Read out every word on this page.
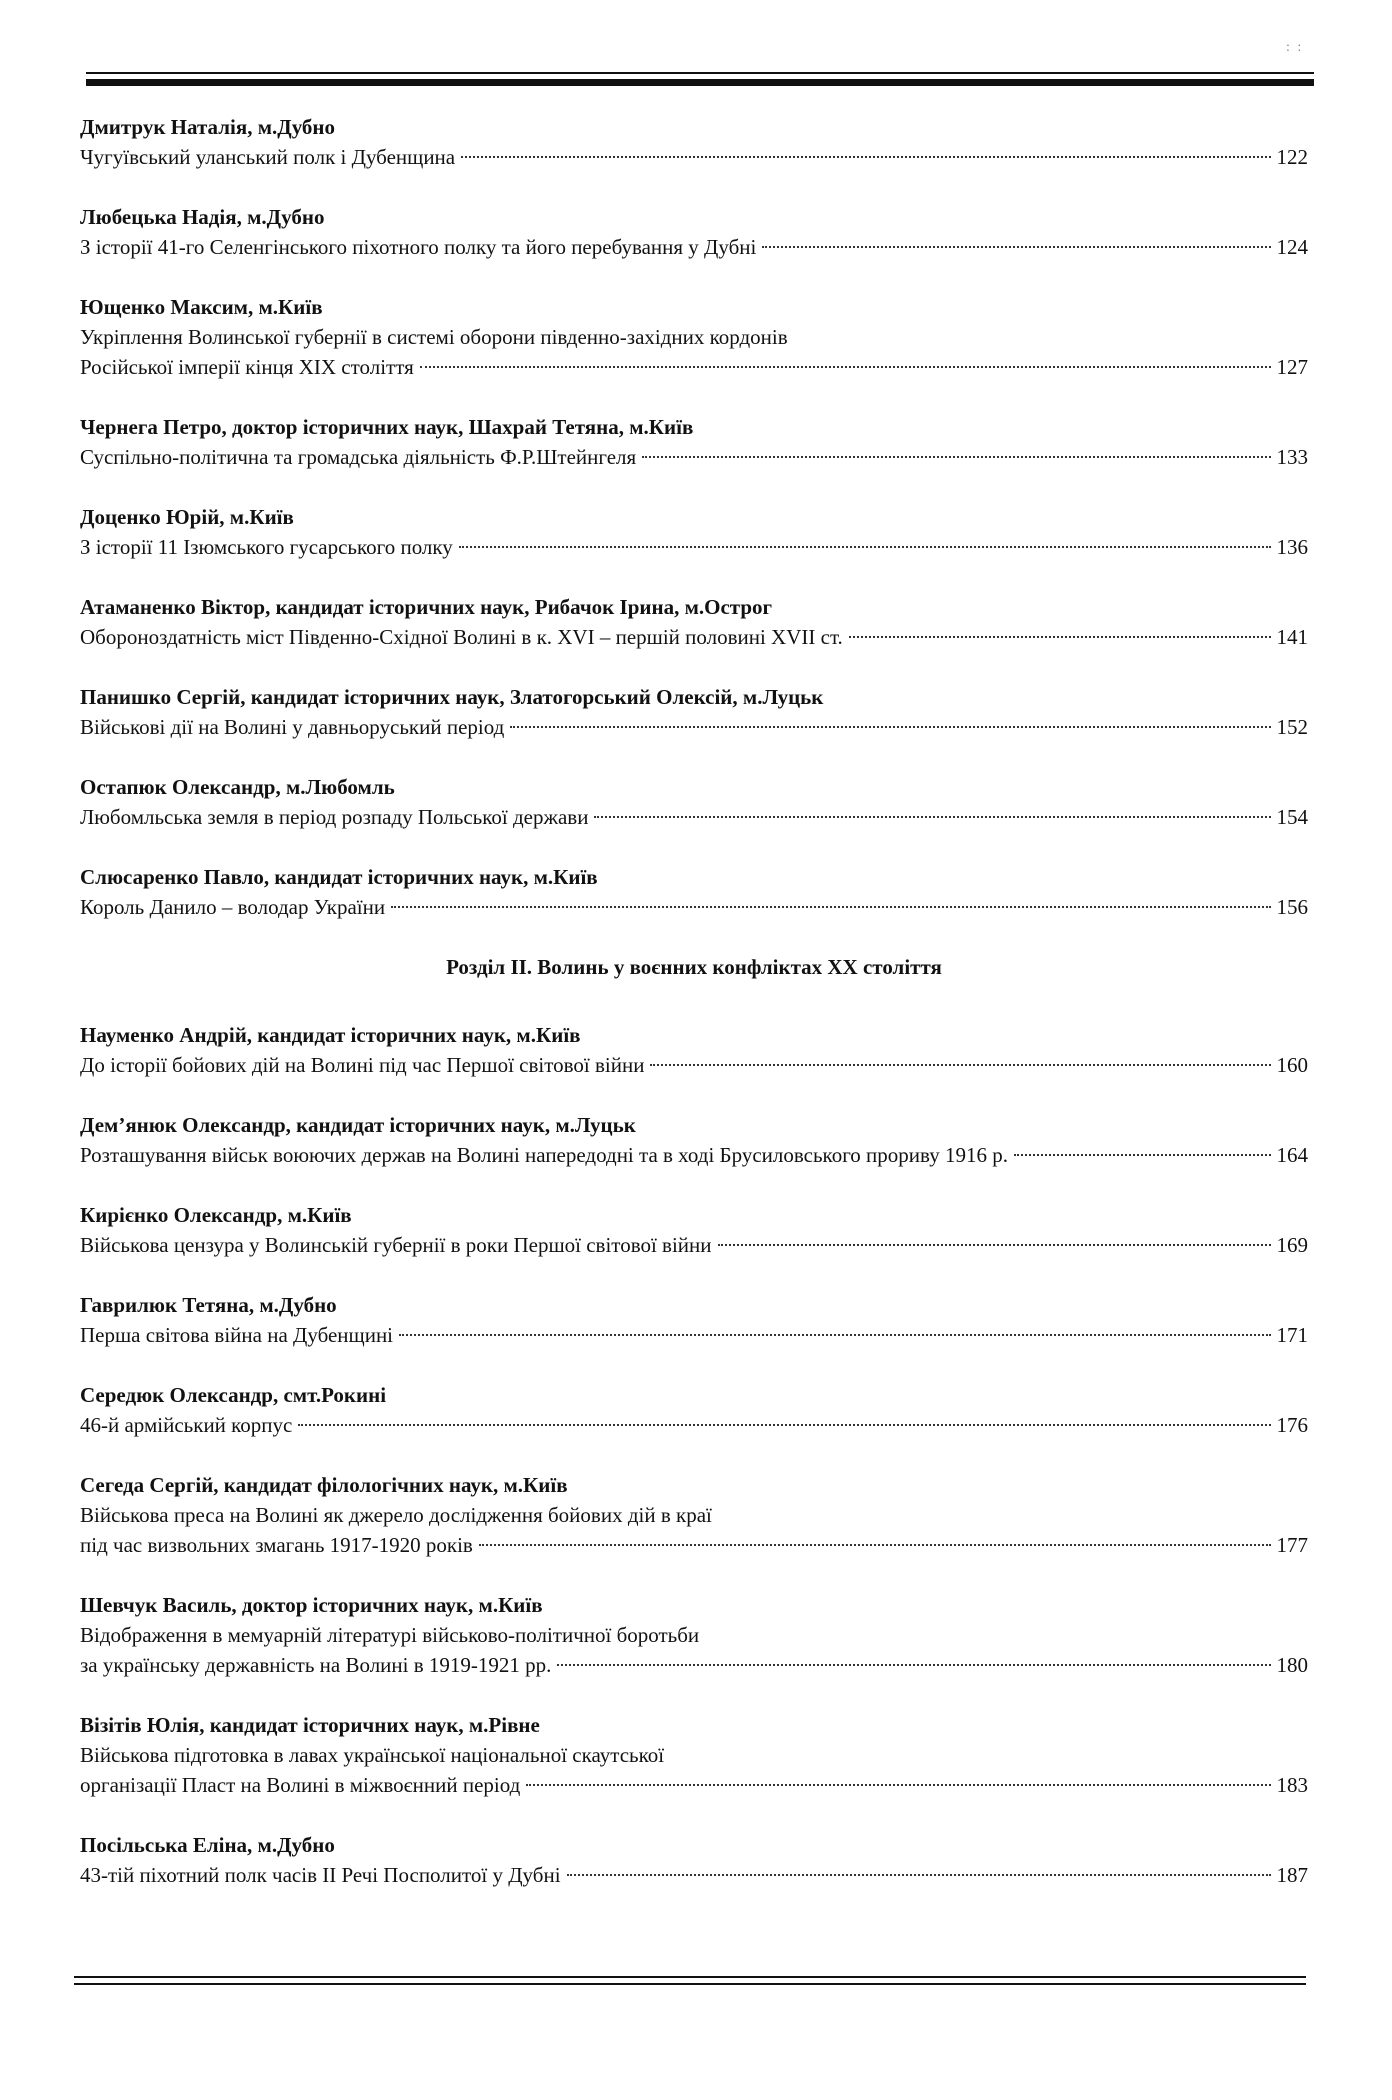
: :
Дмитрук Наталія, м.Дубно
Чугуївський уланський полк і Дубенщина	122
Любецька Надія, м.Дубно
З історії 41-го Селенгінського піхотного полку та його перебування у Дубні	124
Ющенко Максим, м.Київ
Укріплення Волинської губернії в системі оборони південно-західних кордонів
Російської імперії кінця XIX століття	127
Чернега Петро, доктор історичних наук, Шахрай Тетяна, м.Київ
Суспільно-політична та громадська діяльність Ф.Р.Штейнгеля	133
Доценко Юрій, м.Київ
З історії 11 Ізюмського гусарського полку	136
Атаманенко Віктор, кандидат історичних наук, Рибачок Ірина, м.Острог
Обороноздатність міст Південно-Східної Волині в к. XVI – першій половині XVII ст.	141
Панишко Сергій, кандидат історичних наук, Златогорський Олексій, м.Луцьк
Військові дії на Волині у давньоруський період	152
Остапюк Олександр, м.Любомль
Любомльська земля в період розпаду Польської держави	154
Слюсаренко Павло, кандидат історичних наук, м.Київ
Король Данило – володар України	156
Розділ II. Волинь у воєнних конфліктах XX століття
Науменко Андрій, кандидат історичних наук, м.Київ
До історії бойових дій на Волині під час Першої світової війни	160
Дем’янюк Олександр, кандидат історичних наук, м.Луцьк
Розташування військ воюючих держав на Волині напередодні та в ході Брусиловського прориву 1916 р.	164
Кирієнко Олександр, м.Київ
Військова цензура у Волинській губернії в роки Першої світової війни	169
Гаврилюк Тетяна, м.Дубно
Перша світова війна на Дубенщині	171
Середюк Олександр, смт.Рокині
46-й армійський корпус	176
Сегеда Сергій, кандидат філологічних наук, м.Київ
Військова преса на Волині як джерело дослідження бойових дій в краї
під час визвольних змагань 1917-1920 років	177
Шевчук Василь, доктор історичних наук, м.Київ
Відображення в мемуарній літературі військово-політичної боротьби
за українську державність на Волині в 1919-1921 рр.	180
Візітів Юлія, кандидат історичних наук, м.Рівне
Військова підготовка в лавах української національної скаутської
організації Пласт на Волині в міжвоєнний період	183
Посільська Еліна, м.Дубно
43-тій піхотний полк часів II Речі Посполитої у Дубні	187
